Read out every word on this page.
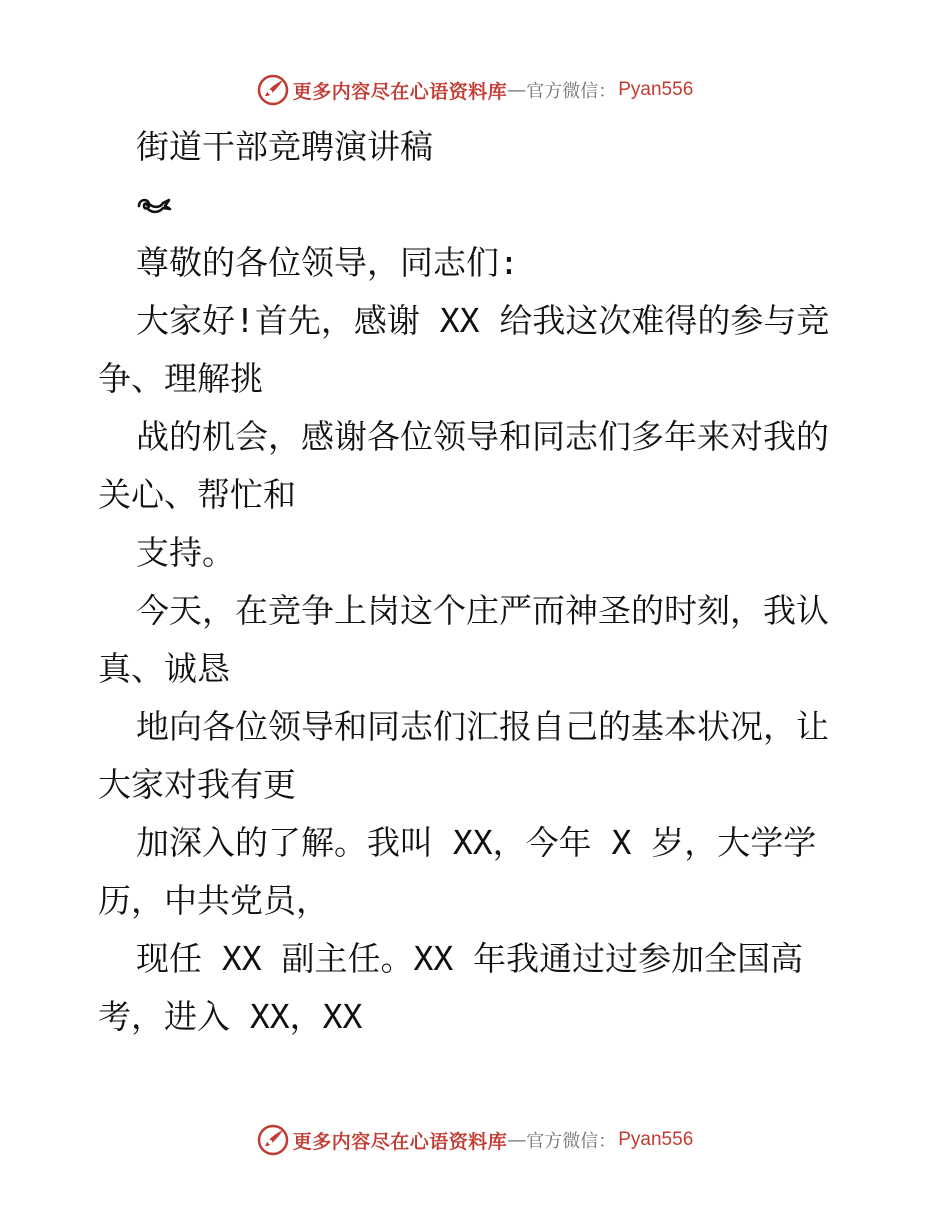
更多内容尽在心语资料库 — 官方微信： Pyan556
街道干部竞聘演讲稿
尊敬的各位领导，同志们:
大家好!首先，感谢 XX 给我这次难得的参与竞
争、理解挑
战的机会，感谢各位领导和同志们多年来对我的
关心、帮忙和
支持。
今天，在竞争上岗这个庄严而神圣的时刻，我认
真、诚恳
地向各位领导和同志们汇报自己的基本状况，让
大家对我有更
加深入的了解。我叫 XX，今年 X 岁，大学学
历，中共党员，
现任 XX 副主任。XX 年我通过过参加全国高
考，进入 XX，XX
更多内容尽在心语资料库 — 官方微信： Pyan556
